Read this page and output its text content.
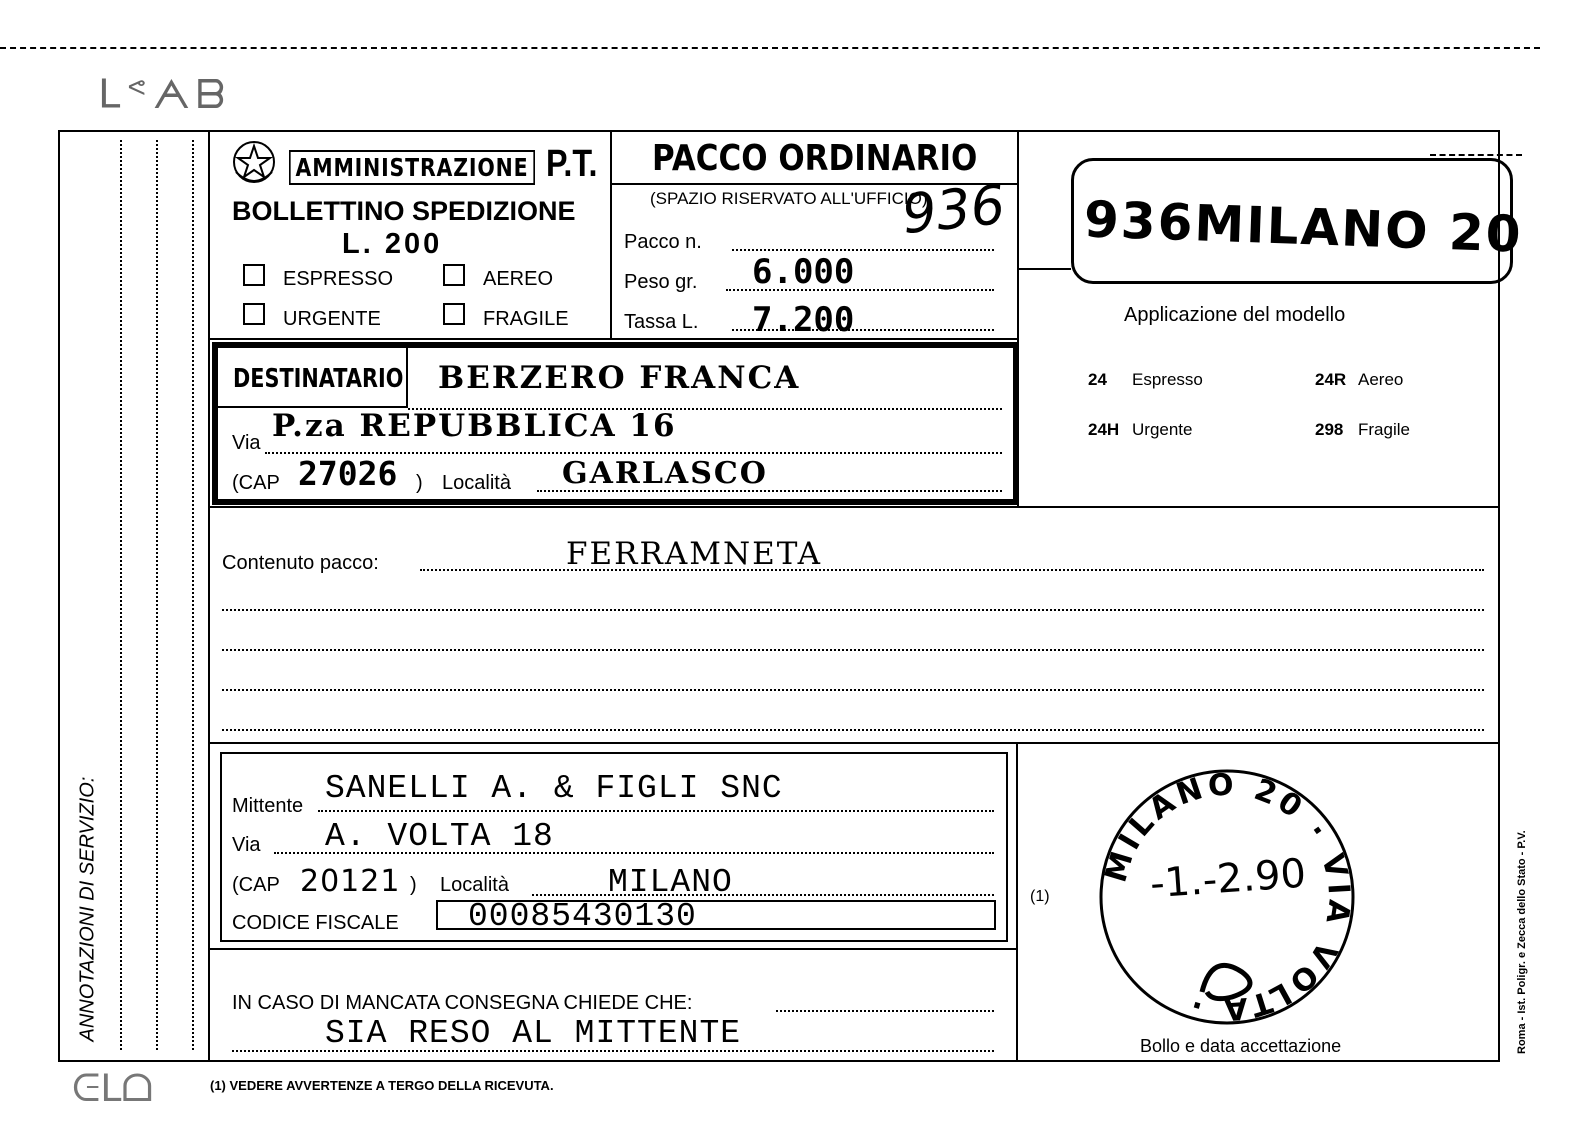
ᒪᕝᗅᗷ
ANNOTAZIONI DI SERVIZIO:
AMMINISTRAZIONE P.T.
BOLLETTINO SPEDIZIONE
L. 200
ESPRESSO	AEREO
URGENTE	FRAGILE
PACCO ORDINARIO
(SPAZIO RISERVATO ALL'UFFICIO)
Pacco n.	936
Peso gr. 6.000
Tassa L. 7.200
936MILANO 20
Applicazione del modello
24 Espresso	24R Aereo
24H Urgente	298 Fragile
DESTINATARIO BERZERO FRANCA
Via P.za REPUBBLICA 16
(CAP 27026 ) Località GARLASCO
Contenuto pacco:	FERRAMNETA
Mittente SANELLI A. & FIGLI SNC
Via A. VOLTA 18
(CAP 20121 ) Località	MILANO
CODICE FISCALE 00085430130
IN CASO DI MANCATA CONSEGNA CHIEDE CHE:
SIA RESO AL MITTENTE
(1)
MILANO 20 · VIA VOLTA ·
-1.-2.90
Bollo e data accettazione	Roma - Ist. Poligr. e Zecca dello Stato - P.V.
ᕮᒪᗝ	(1) VEDERE AVVERTENZE A TERGO DELLA RICEVUTA.
